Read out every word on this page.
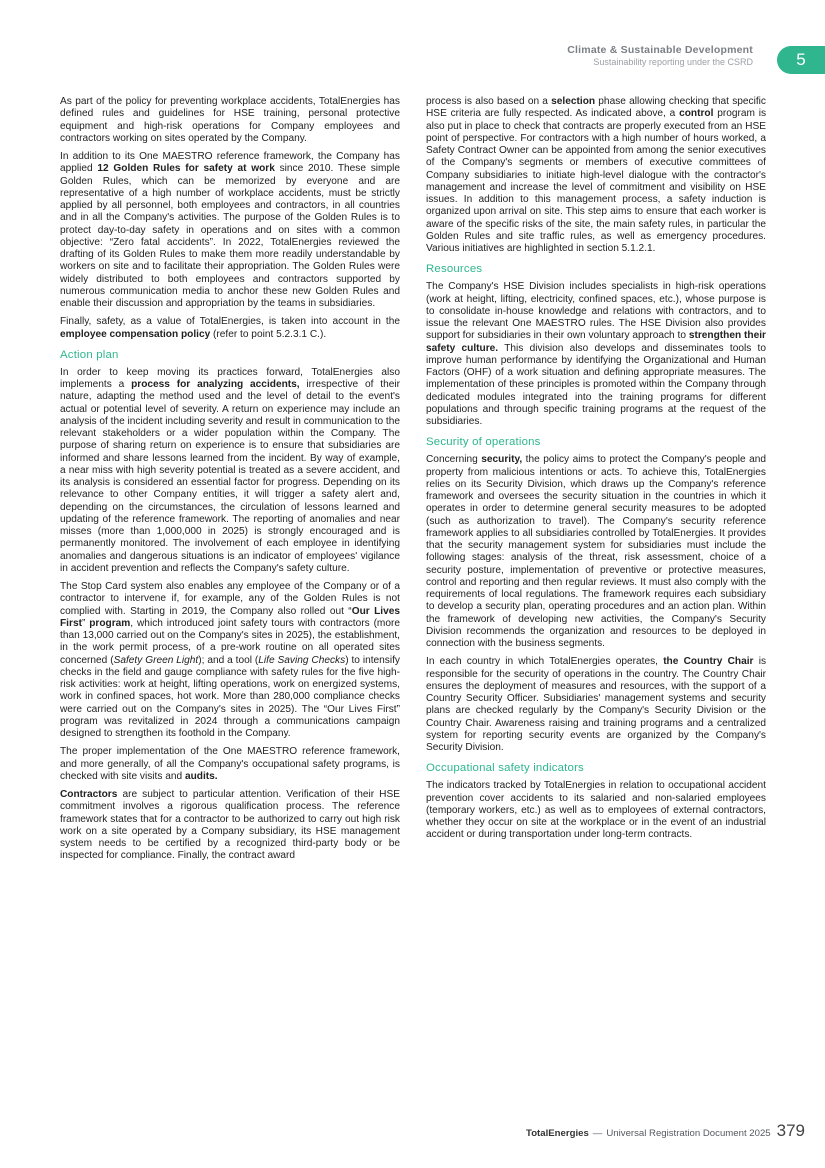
Climate & Sustainable Development
Sustainability reporting under the CSRD	5

As part of the policy for preventing workplace accidents, TotalEnergies has defined rules and guidelines for HSE training, personal protective equipment and high-risk operations for Company employees and contractors working on sites operated by the Company.

In addition to its One MAESTRO reference framework, the Company has applied 12 Golden Rules for safety at work since 2010. These simple Golden Rules, which can be memorized by everyone and are representative of a high number of workplace accidents, must be strictly applied by all personnel, both employees and contractors, in all countries and in all the Company's activities. The purpose of the Golden Rules is to protect day-to-day safety in operations and on sites with a common objective: “Zero fatal accidents”. In 2022, TotalEnergies reviewed the drafting of its Golden Rules to make them more readily understandable by workers on site and to facilitate their appropriation. The Golden Rules were widely distributed to both employees and contractors supported by numerous communication media to anchor these new Golden Rules and enable their discussion and appropriation by the teams in subsidiaries.

Finally, safety, as a value of TotalEnergies, is taken into account in the employee compensation policy (refer to point 5.2.3.1 C.).

Action plan

In order to keep moving its practices forward, TotalEnergies also implements a process for analyzing accidents, irrespective of their nature, adapting the method used and the level of detail to the event's actual or potential level of severity. A return on experience may include an analysis of the incident including severity and result in communication to the relevant stakeholders or a wider population within the Company. The purpose of sharing return on experience is to ensure that subsidiaries are informed and share lessons learned from the incident. By way of example, a near miss with high severity potential is treated as a severe accident, and its analysis is considered an essential factor for progress. Depending on its relevance to other Company entities, it will trigger a safety alert and, depending on the circumstances, the circulation of lessons learned and updating of the reference framework. The reporting of anomalies and near misses (more than 1,000,000 in 2025) is strongly encouraged and is permanently monitored. The involvement of each employee in identifying anomalies and dangerous situations is an indicator of employees' vigilance in accident prevention and reflects the Company's safety culture.

The Stop Card system also enables any employee of the Company or of a contractor to intervene if, for example, any of the Golden Rules is not complied with. Starting in 2019, the Company also rolled out “Our Lives First” program, which introduced joint safety tours with contractors (more than 13,000 carried out on the Company's sites in 2025), the establishment, in the work permit process, of a pre-work routine on all operated sites concerned (Safety Green Light); and a tool (Life Saving Checks) to intensify checks in the field and gauge compliance with safety rules for the five high-risk activities: work at height, lifting operations, work on energized systems, work in confined spaces, hot work. More than 280,000 compliance checks were carried out on the Company's sites in 2025). The “Our Lives First” program was revitalized in 2024 through a communications campaign designed to strengthen its foothold in the Company.

The proper implementation of the One MAESTRO reference framework, and more generally, of all the Company's occupational safety programs, is checked with site visits and audits.

Contractors are subject to particular attention. Verification of their HSE commitment involves a rigorous qualification process. The reference framework states that for a contractor to be authorized to carry out high risk work on a site operated by a Company subsidiary, its HSE management system needs to be certified by a recognized third-party body or be inspected for compliance. Finally, the contract award

process is also based on a selection phase allowing checking that specific HSE criteria are fully respected. As indicated above, a control program is also put in place to check that contracts are properly executed from an HSE point of perspective. For contractors with a high number of hours worked, a Safety Contract Owner can be appointed from among the senior executives of the Company's segments or members of executive committees of Company subsidiaries to initiate high-level dialogue with the contractor's management and increase the level of commitment and visibility on HSE issues. In addition to this management process, a safety induction is organized upon arrival on site. This step aims to ensure that each worker is aware of the specific risks of the site, the main safety rules, in particular the Golden Rules and site traffic rules, as well as emergency procedures. Various initiatives are highlighted in section 5.1.2.1.

Resources

The Company's HSE Division includes specialists in high-risk operations (work at height, lifting, electricity, confined spaces, etc.), whose purpose is to consolidate in-house knowledge and relations with contractors, and to issue the relevant One MAESTRO rules. The HSE Division also provides support for subsidiaries in their own voluntary approach to strengthen their safety culture. This division also develops and disseminates tools to improve human performance by identifying the Organizational and Human Factors (OHF) of a work situation and defining appropriate measures. The implementation of these principles is promoted within the Company through dedicated modules integrated into the training programs for different populations and through specific training programs at the request of the subsidiaries.

Security of operations

Concerning security, the policy aims to protect the Company's people and property from malicious intentions or acts. To achieve this, TotalEnergies relies on its Security Division, which draws up the Company's reference framework and oversees the security situation in the countries in which it operates in order to determine general security measures to be adopted (such as authorization to travel). The Company's security reference framework applies to all subsidiaries controlled by TotalEnergies. It provides that the security management system for subsidiaries must include the following stages: analysis of the threat, risk assessment, choice of a security posture, implementation of preventive or protective measures, control and reporting and then regular reviews. It must also comply with the requirements of local regulations. The framework requires each subsidiary to develop a security plan, operating procedures and an action plan. Within the framework of developing new activities, the Company's Security Division recommends the organization and resources to be deployed in connection with the business segments.

In each country in which TotalEnergies operates, the Country Chair is responsible for the security of operations in the country. The Country Chair ensures the deployment of measures and resources, with the support of a Country Security Officer. Subsidiaries' management systems and security plans are checked regularly by the Company's Security Division or the Country Chair. Awareness raising and training programs and a centralized system for reporting security events are organized by the Company's Security Division.

Occupational safety indicators

The indicators tracked by TotalEnergies in relation to occupational accident prevention cover accidents to its salaried and non-salaried employees (temporary workers, etc.) as well as to employees of external contractors, whether they occur on site at the workplace or in the event of an industrial accident or during transportation under long-term contracts.

TotalEnergies — Universal Registration Document 2025 379
